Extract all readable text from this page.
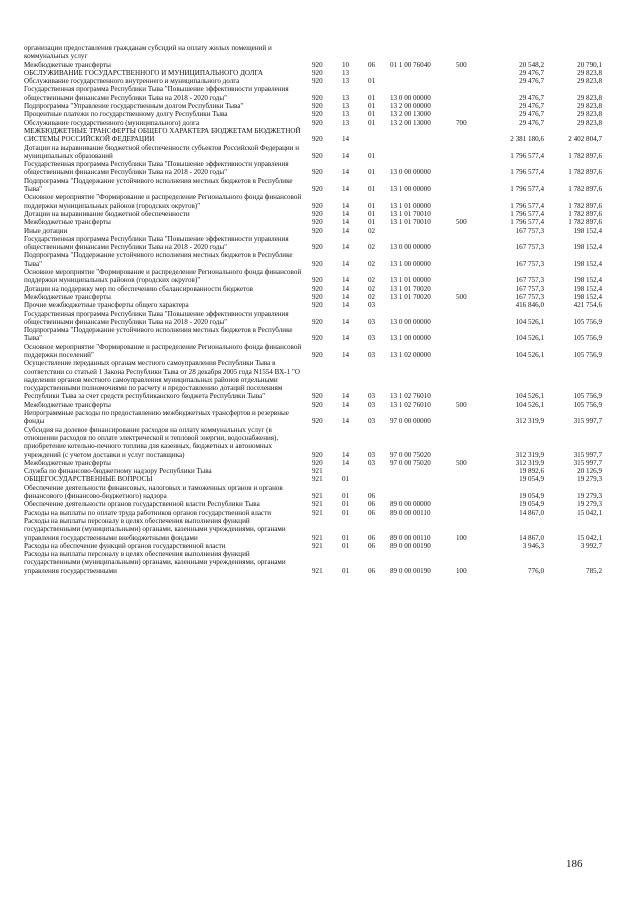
организации предоставления гражданам субсидий на оплату жилых помещений и коммунальных услуг							
Межбюджетные трансферты	920	10	06	01 1 00 76040	500	20 548,2	20 790,1
ОБСЛУЖИВАНИЕ ГОСУДАРСТВЕННОГО И МУНИЦИПАЛЬНОГО ДОЛГА	920	13				29 476,7	29 823,8
Обслуживание государственного внутреннего и муниципального долга	920	13	01			29 476,7	29 823,8
Государственная программа Республики Тыва "Повышение эффективности управления общественными финансами Республики Тыва на 2018 - 2020 годы"	920	13	01	13 0 00 00000		29 476,7	29 823,8
Подпрограмма "Управление государственным долгом Республики Тыва"	920	13	01	13 2 00 00000		29 476,7	29 823,8
Процентные платежи по государственному долгу Республики Тыва	920	13	01	13 2 00 13000		29 476,7	29 823,8
Обслуживание государственного (муниципального) долга	920	13	01	13 2 00 13000	700	29 476,7	29 823,8
МЕЖБЮДЖЕТНЫЕ ТРАНСФЕРТЫ ОБЩЕГО ХАРАКТЕРА БЮДЖЕТАМ БЮДЖЕТНОЙ СИСТЕМЫ РОССИЙСКОЙ ФЕДЕРАЦИИ	920	14				2 381 180,6	2 402 804,7
Дотации на выравнивание бюджетной обеспеченности субъектов Российской Федерации и муниципальных образований	920	14	01			1 796 577,4	1 782 897,6
Государственная программа Республики Тыва "Повышение эффективности управления общественными финансами Республики Тыва на 2018 - 2020 годы"	920	14	01	13 0 00 00000		1 796 577,4	1 782 897,6
Подпрограмма "Поддержание устойчивого исполнения местных бюджетов в Республике Тыва"	920	14	01	13 1 00 00000		1 796 577,4	1 782 897,6
Основное мероприятие "Формирование и распределение Регионального фонда финансовой поддержки муниципальных районов (городских округов)"	920	14	01	13 1 01 00000		1 796 577,4	1 782 897,6
Дотации на выравнивание бюджетной обеспеченности	920	14	01	13 1 01 70010		1 796 577,4	1 782 897,6
Межбюджетные трансферты	920	14	01	13 1 01 70010	500	1 796 577,4	1 782 897,6
Иные дотации	920	14	02			167 757,3	198 152,4
Государственная программа Республики Тыва "Повышение эффективности управления общественными финансами Республики Тыва на 2018 - 2020 годы"	920	14	02	13 0 00 00000		167 757,3	198 152,4
Подпрограмма "Поддержание устойчивого исполнения местных бюджетов в Республике Тыва"	920	14	02	13 1 00 00000		167 757,3	198 152,4
Основное мероприятие "Формирование и распределение Регионального фонда финансовой поддержки муниципальных районов (городских округов)"	920	14	02	13 1 01 00000		167 757,3	198 152,4
Дотации на поддержку мер по обеспечению сбалансированности бюджетов	920	14	02	13 1 01 70020		167 757,3	198 152,4
Межбюджетные трансферты	920	14	02	13 1 01 70020	500	167 757,3	198 152,4
Прочие межбюджетные трансферты общего характера	920	14	03			416 846,0	421 754,6
Государственная программа Республики Тыва "Повышение эффективности управления общественными финансами Республики Тыва на 2018 - 2020 годы"	920	14	03	13 0 00 00000		104 526,1	105 756,9
Подпрограмма "Поддержание устойчивого исполнения местных бюджетов в Республике Тыва"	920	14	03	13 1 00 00000		104 526,1	105 756,9
Основное мероприятие "Формирование и распределение Регионального фонда финансовой поддержки поселений"	920	14	03	13 1 02 00000		104 526,1	105 756,9
Осуществление переданных органам местного самоуправления Республики Тыва в соответствии со статьей 1 Закона Республики Тыва от 28 декабря 2005 года N1554 ВХ-1 "О наделении органов местного самоуправления муниципальных районов отдельными государственными полномочиями по расчету и предоставлению дотаций поселениям Республики Тыва за счет средств республиканского бюджета Республики Тыва"	920	14	03	13 1 02 76010		104 526,1	105 756,9
Межбюджетные трансферты	920	14	03	13 1 02 76010	500	104 526,1	105 756,9
Непрограммные расходы по предоставлению межбюджетных трансфертов и резервные фонды	920	14	03	97 0 00 00000		312 319,9	315 997,7
Субсидия на долевое финансирование расходов на оплату коммунальных услуг (в отношении расходов по оплате электрической и тепловой энергии, водоснабжения), приобретение котельно-печного топлива для казенных, бюджетных и автономных учреждений (с учетом доставки и услуг поставщика)	920	14	03	97 0 00 75020		312 319,9	315 997,7
Межбюджетные трансферты	920	14	03	97 0 00 75020	500	312 319,9	315 997,7
Служба по финансово-бюджетному надзору Республики Тыва	921					19 892,6	20 126,9
ОБЩЕГОСУДАРСТВЕННЫЕ ВОПРОСЫ	921	01				19 054,9	19 279,3
Обеспечение деятельности финансовых, налоговых и таможенных органов и органов финансового (финансово-бюджетного) надзора	921	01	06			19 054,9	19 279,3
Обеспечение деятельности органов государственной власти Республики Тыва	921	01	06	89 0 00 00000		19 054,9	19 279,3
Расходы на выплаты по оплате труда работников органов государственной власти	921	01	06	89 0 00 00110		14 867,0	15 042,1
Расходы на выплаты персоналу в целях обеспечения выполнения функций государственными (муниципальными) органами, казенными учреждениями, органами управления государственными внебюджетными фондами	921	01	06	89 0 00 00110	100	14 867,0	15 042,1
Расходы на обеспечение функций органов государственной власти	921	01	06	89 0 00 00190		3 946,3	3 992,7
Расходы на выплаты персоналу в целях обеспечения выполнения функций государственными (муниципальными) органами, казенными учреждениями, органами управления государственными	921	01	06	89 0 00 00190	100	776,0	785,2
186
